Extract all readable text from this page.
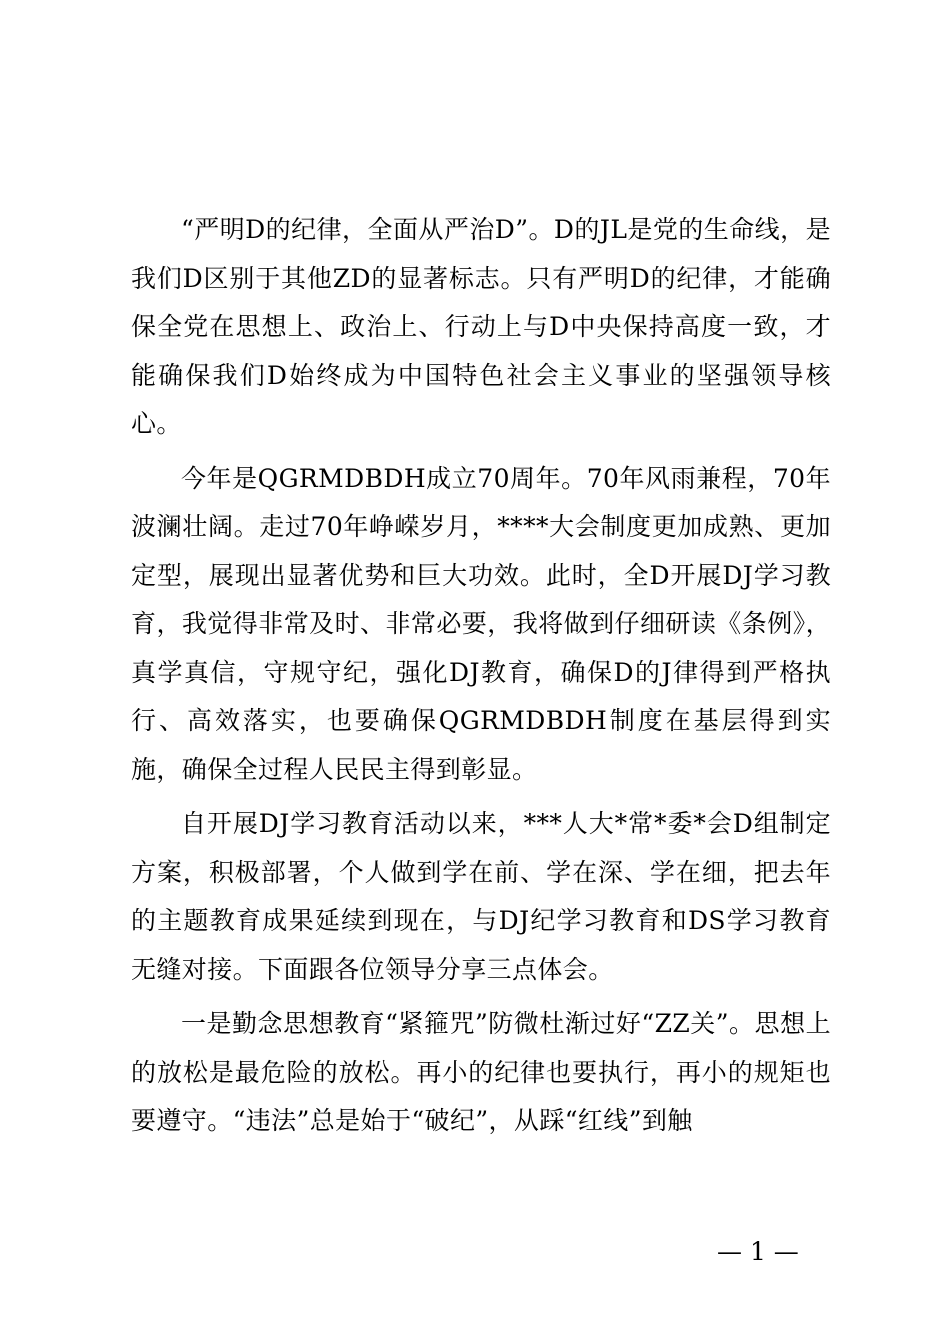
“严明D的纪律，全面从严治D”。D的JL是党的生命线，是我们D区别于其他ZD的显著标志。只有严明D的纪律，才能确保全党在思想上、政治上、行动上与D中央保持高度一致，才能确保我们D始终成为中国特色社会主义事业的坚强领导核心。

今年是QGRMDBDH成立70周年。70年风雨兼程，70年波澜壮阔。走过70年峥嵘岁月，****大会制度更加成熟、更加定型，展现出显著优势和巨大功效。此时，全D开展DJ学习教育，我觉得非常及时、非常必要，我将做到仔细研读《条例》，真学真信，守规守纪，强化DJ教育，确保D的J律得到严格执行、高效落实，也要确保QGRMDBDH制度在基层得到实施，确保全过程人民民主得到彰显。

自开展DJ学习教育活动以来，***人大*常*委*会D组制定方案，积极部署，个人做到学在前、学在深、学在细，把去年的主题教育成果延续到现在，与DJ纪学习教育和DS学习教育无缝对接。下面跟各位领导分享三点体会。

一是勤念思想教育“紧箍咒”防微杜渐过好“ZZ关”。思想上的放松是最危险的放松。再小的纪律也要执行，再小的规矩也要遵守。“违法”总是始于“破纪”，从踩“红线”到触

— 1 —
